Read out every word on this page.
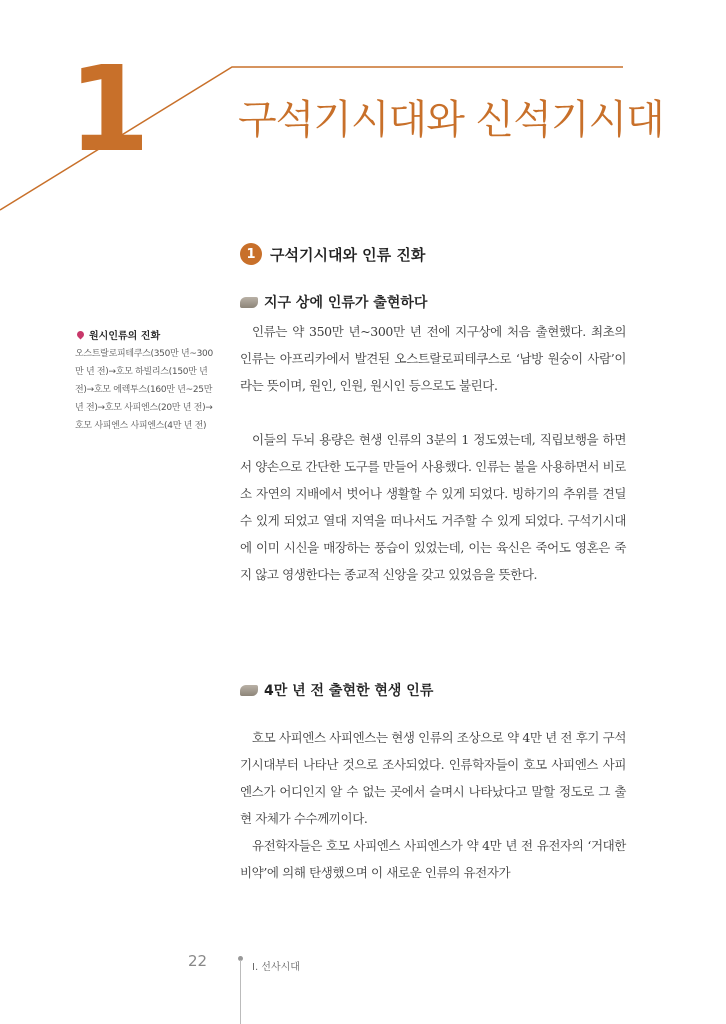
1 구석기시대와 신석기시대
1 구석기시대와 인류 진화
지구 상에 인류가 출현하다

인류는 약 350만 년~300만 년 전에 지구상에 처음 출현했다. 최초의 인류는 아프리카에서 발견된 오스트랄로피테쿠스로 ‘남방 원숭이 사람’이라는 뜻이며, 원인, 인원, 원시인 등으로도 불린다.

이들의 두뇌 용량은 현생 인류의 3분의 1 정도였는데, 직립보행을 하면서 양손으로 간단한 도구를 만들어 사용했다. 인류는 불을 사용하면서 비로소 자연의 지배에서 벗어나 생활할 수 있게 되었다. 빙하기의 추위를 견딜 수 있게 되었고 열대 지역을 떠나서도 거주할 수 있게 되었다. 구석기시대에 이미 시신을 매장하는 풍습이 있었는데, 이는 육신은 죽어도 영혼은 죽지 않고 영생한다는 종교적 신앙을 갖고 있었음을 뜻한다.

4만 년 전 출현한 현생 인류

호모 사피엔스 사피엔스는 현생 인류의 조상으로 약 4만 년 전 후기 구석기시대부터 나타난 것으로 조사되었다. 인류학자들이 호모 사피엔스 사피엔스가 어디인지 알 수 없는 곳에서 슬며시 나타났다고 말할 정도로 그 출현 자체가 수수께끼이다.

유전학자들은 호모 사피엔스 사피엔스가 약 4만 년 전 유전자의 ‘거대한 비약’에 의해 탄생했으며 이 새로운 인류의 유전자가

원시인류의 진화
오스트랄로피테쿠스(350만 년~300만 년 전)→호모 하빌리스(150만 년 전)→호모 에렉투스(160만 년~25만 년 전)→호모 사피엔스(20만 년 전)→호모 사피엔스 사피엔스(4만 년 전)
22	I. 선사시대
